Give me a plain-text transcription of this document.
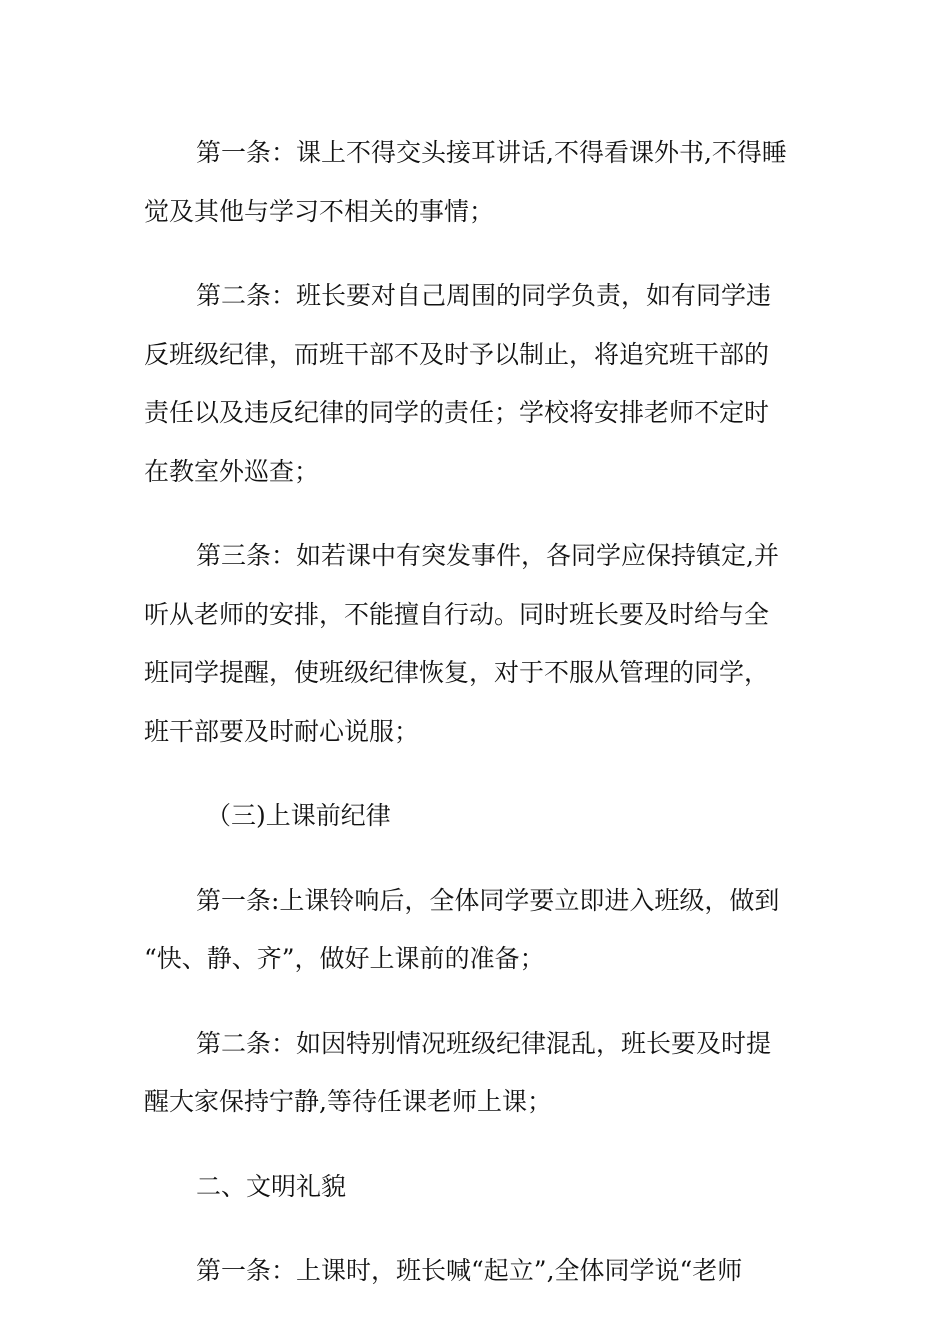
第一条：课上不得交头接耳讲话,不得看课外书,不得睡
觉及其他与学习不相关的事情；
第二条：班长要对自己周围的同学负责，如有同学违
反班级纪律，而班干部不及时予以制止，将追究班干部的
责任以及违反纪律的同学的责任；学校将安排老师不定时
在教室外巡查；
第三条：如若课中有突发事件，各同学应保持镇定,并
听从老师的安排，不能擅自行动。同时班长要及时给与全
班同学提醒，使班级纪律恢复，对于不服从管理的同学，
班干部要及时耐心说服；
（三)上课前纪律
第一条:上课铃响后，全体同学要立即进入班级，做到
“快、静、齐”，做好上课前的准备；
第二条：如因特别情况班级纪律混乱，班长要及时提
醒大家保持宁静,等待任课老师上课；
二、文明礼貌
第一条：上课时，班长喊“起立”,全体同学说“老师
